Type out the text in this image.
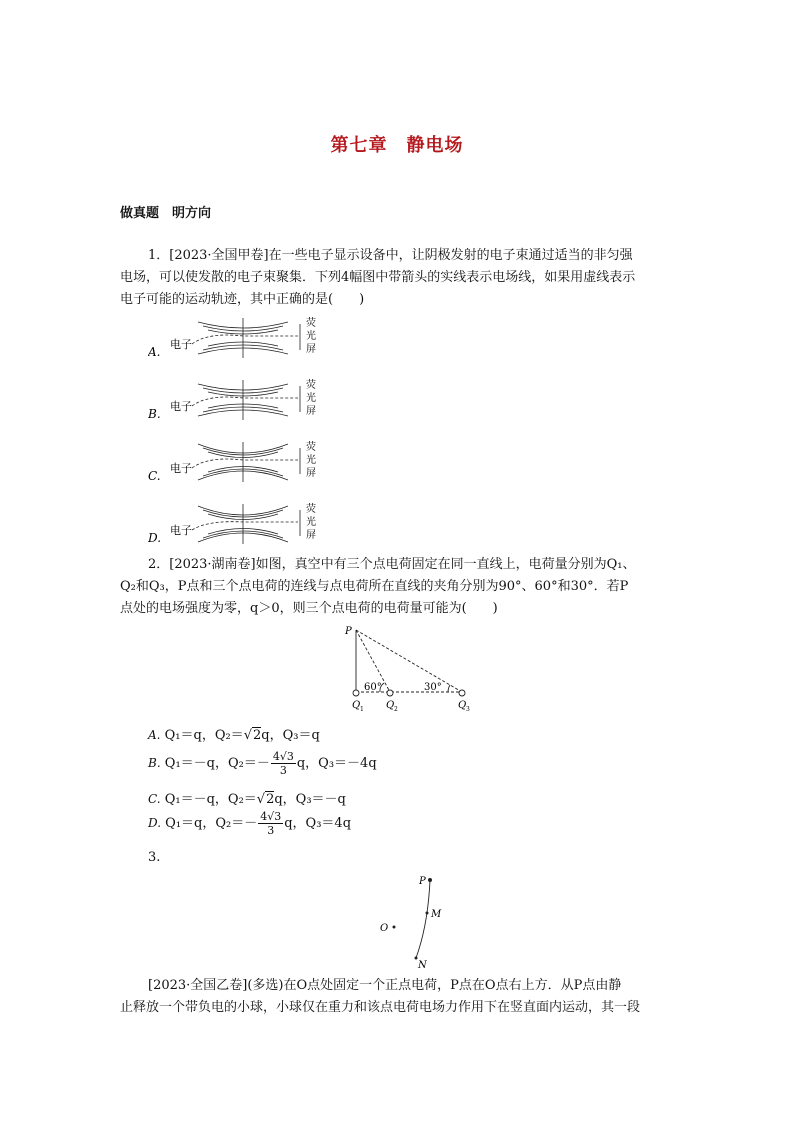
第七章　静电场
做真题　明方向

1．[2023·全国甲卷]在一些电子显示设备中，让阴极发射的电子束通过适当的非匀强

电场，可以使发散的电子束聚集．下列4幅图中带箭头的实线表示电场线，如果用虚线表示

电子可能的运动轨迹，其中正确的是(　　)

A.
电子
荧
光
屏
B.
电子
荧
光
屏
C.
电子
荧
光
屏
D.
电子
荧
光
屏

2．[2023·湖南卷]如图，真空中有三个点电荷固定在同一直线上，电荷量分别为Q₁、

Q₂和Q₃，P点和三个点电荷的连线与点电荷所在直线的夹角分别为90°、60°和30°．若P

点处的电场强度为零，q＞0，则三个点电荷的电荷量可能为(　　)

P
60°	30°
Q 1 Q 2	Q 3
A. Q₁＝q，Q₂＝√2q，Q₃＝q
B. Q₁＝－q，$Q_2=- \frac{4√3}{3}$ q，Q₃＝－4q
C. Q₁＝－q，Q₂＝√2q，Q₃＝－q
D. Q₁＝q，$Q_2=- \frac{4√3}{3}$ q，Q₃＝4q
3.
P
M
O
N

[2023·全国乙卷](多选)在O点处固定一个正点电荷，P点在O点右上方．从P点由静

止释放一个带负电的小球，小球仅在重力和该点电荷电场力作用下在竖直面内运动，其一段
